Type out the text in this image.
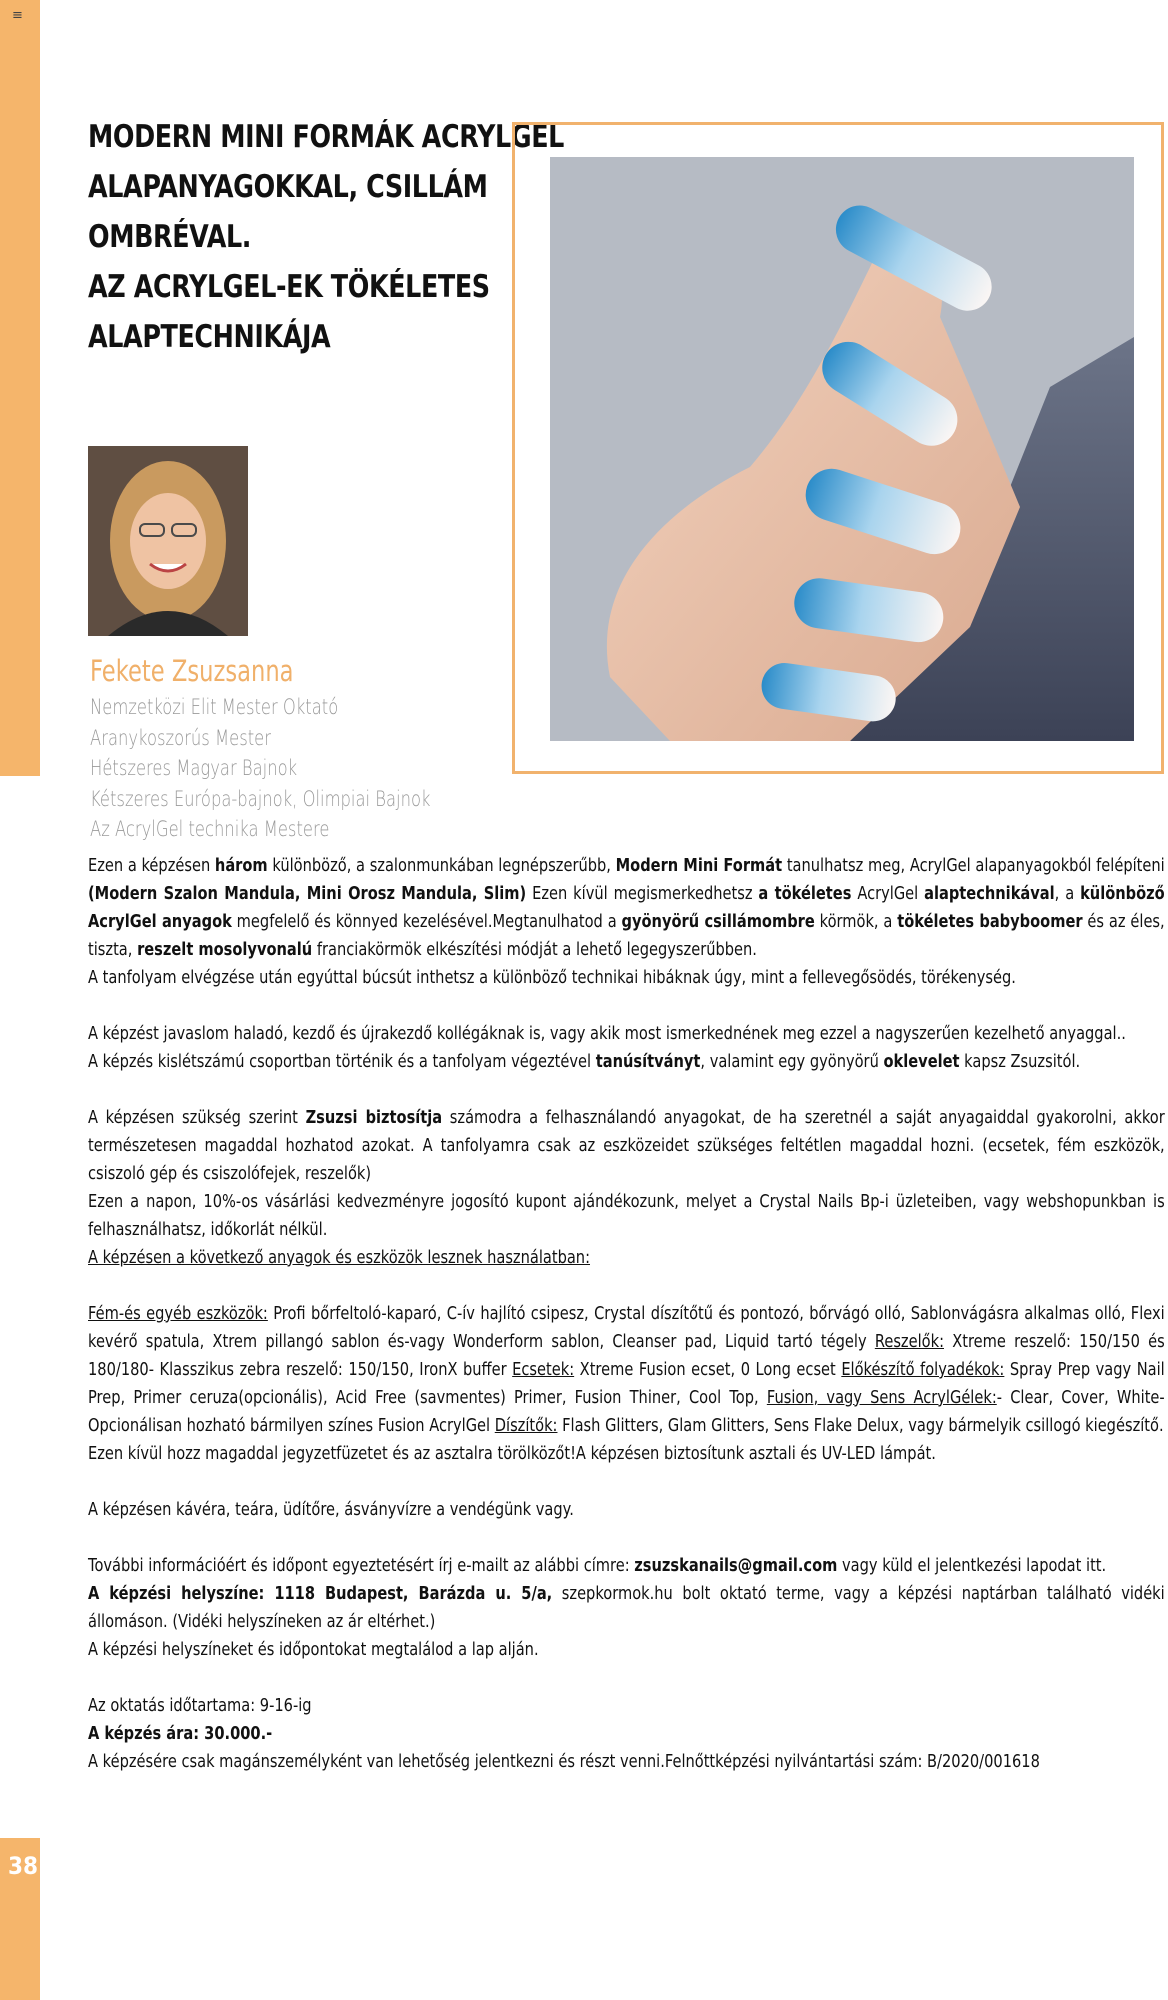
≡
38
MODERN MINI FORMÁK ACRYLGEL
ALAPANYAGOKKAL, CSILLÁM
OMBRÉVAL.
AZ ACRYLGEL-EK TÖKÉLETES
ALAPTECHNIKÁJA
Fekete Zsuzsanna
Nemzetközi Elit Mester Oktató
Aranykoszorús Mester
Hétszeres Magyar Bajnok
Kétszeres Európa-bajnok, Olimpiai Bajnok
Az AcrylGel technika Mestere

Ezen a képzésen három különböző, a szalonmunkában legnépszerűbb, Modern Mini Formát tanulhatsz meg, AcrylGel alapanyagokból felépíteni (Modern Szalon Mandula, Mini Orosz Mandula, Slim) Ezen kívül megismerkedhetsz a tökéletes AcrylGel alaptechnikával, a különböző AcrylGel anyagok megfelelő és könnyed kezelésével.Megtanulhatod a gyönyörű csillámombre körmök, a tökéletes babyboomer és az éles, tiszta, reszelt mosolyvonalú franciakörmök elkészítési módját a lehető legegyszerűbben.

A tanfolyam elvégzése után egyúttal búcsút inthetsz a különböző technikai hibáknak úgy, mint a fellevegősödés, törékenység.

A képzést javaslom haladó, kezdő és újrakezdő kollégáknak is, vagy akik most ismerkednének meg ezzel a nagyszerűen kezelhető anyaggal..

A képzés kislétszámú csoportban történik és a tanfolyam végeztével tanúsítványt, valamint egy gyönyörű oklevelet kapsz Zsuzsitól.

A képzésen szükség szerint Zsuzsi biztosítja számodra a felhasználandó anyagokat, de ha szeretnél a saját anyagaiddal gyakorolni, akkor természetesen magaddal hozhatod azokat. A tanfolyamra csak az eszközeidet szükséges feltétlen magaddal hozni. (ecsetek, fém eszközök, csiszoló gép és csiszolófejek, reszelők)

Ezen a napon, 10%-os vásárlási kedvezményre jogosító kupont ajándékozunk, melyet a Crystal Nails Bp-i üzleteiben, vagy webshopunkban is felhasználhatsz, időkorlát nélkül.

A képzésen a következő anyagok és eszközök lesznek használatban:

Fém-és egyéb eszközök: Profi bőrfeltoló-kaparó, C-ív hajlító csipesz, Crystal díszítőtű és pontozó, bőrvágó olló, Sablonvágásra alkalmas olló, Flexi kevérő spatula, Xtrem pillangó sablon és-vagy Wonderform sablon, Cleanser pad, Liquid tartó tégely Reszelők: Xtreme reszelő: 150/150 és 180/180- Klasszikus zebra reszelő: 150/150, IronX buffer Ecsetek: Xtreme Fusion ecset, 0 Long ecset Előkészítő folyadékok: Spray Prep vagy Nail Prep, Primer ceruza(opcionális), Acid Free (savmentes) Primer, Fusion Thiner, Cool Top, Fusion, vagy Sens AcrylGélek:- Clear, Cover, White- Opcionálisan hozható bármilyen színes Fusion AcrylGel Díszítők: Flash Glitters, Glam Glitters, Sens Flake Delux, vagy bármelyik csillogó kiegészítő.

Ezen kívül hozz magaddal jegyzetfüzetet és az asztalra törölközőt!A képzésen biztosítunk asztali és UV-LED lámpát.

A képzésen kávéra, teára, üdítőre, ásványvízre a vendégünk vagy.

További információért és időpont egyeztetésért írj e-mailt az alábbi címre: zsuzskanails@gmail.com vagy küld el jelentkezési lapodat itt.

A képzési helyszíne: 1118 Budapest, Barázda u. 5/a, szepkormok.hu bolt oktató terme, vagy a képzési naptárban található vidéki állomáson. (Vidéki helyszíneken az ár eltérhet.)

A képzési helyszíneket és időpontokat megtalálod a lap alján.

Az oktatás időtartama: 9-16-ig

A képzés ára: 30.000.-

A képzésére csak magánszemélyként van lehetőség jelentkezni és részt venni.Felnőttképzési nyilvántartási szám: B/2020/001618
